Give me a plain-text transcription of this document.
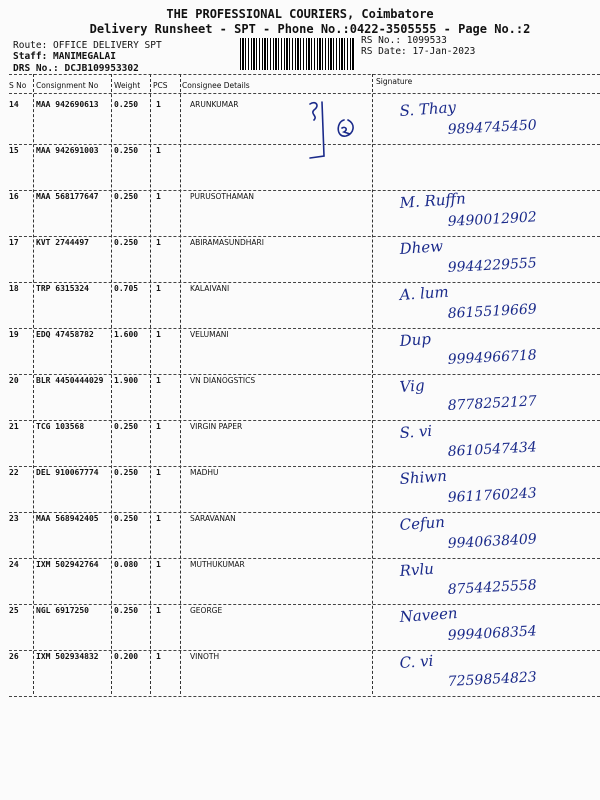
THE PROFESSIONAL COURIERS, Coimbatore
Delivery Runsheet - SPT - Phone No.:0422-3505555 - Page No.:2
Route: OFFICE DELIVERY SPT
Staff: MANIMEGALAI
DRS No.: DCJB109953302
RS No.: 1099533
RS Date: 17-Jan-2023
S No Consignment No Weight PCS Consignee Details	Signature
14 MAA 942690613 0.250 1	ARUNKUMAR	S. Thay
9894745450
15 MAA 942691003 0.250 1
16 MAA 568177647 0.250 1	PURUSOTHAMAN	M. Ruffn
9490012902
17 KVT 2744497	0.250 1	ABIRAMASUNDHARI	Dhew
9944229555
18 TRP 6315324	0.705 1	KALAIVANI	A. lum
8615519669
19 EDQ 47458782	1.600 1	VELUMANI	Dup
9994966718
20 BLR 4450444029 1.900 1	VN DIANOGSTICS	Vig
8778252127
21 TCG 103568	0.250 1	VIRGIN PAPER	S. vi
8610547434
22 DEL 910067774 0.250 1	MADHU	Shiwn
9611760243
23 MAA 568942405 0.250 1	SARAVANAN	Cefun
9940638409
24 IXM 502942764 0.080 1	MUTHUKUMAR	Rvlu
8754425558
25 NGL 6917250	0.250 1	GEORGE	Naveen
9994068354
26 IXM 502934832 0.200 1	VINOTH	C. vi
7259854823
